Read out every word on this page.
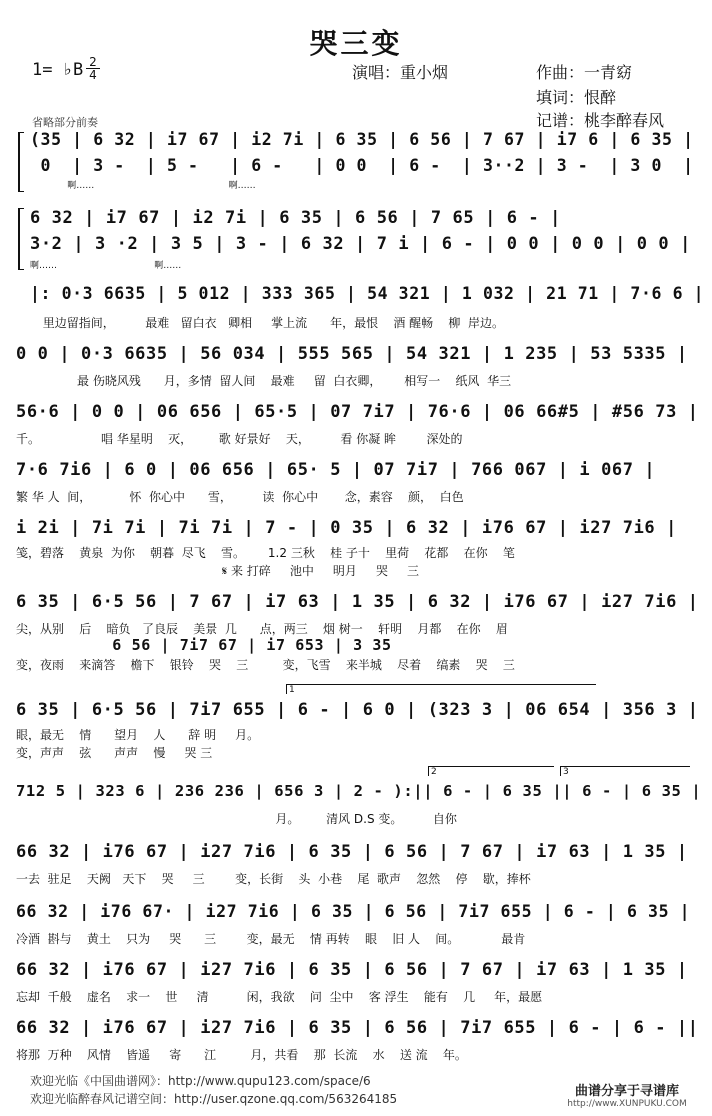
哭三变
1= ♭B 2
4	演唱：重小烟	作曲：一青窈
填词：恨醉
记谱：桃李醉春风
省略部分前奏
(35 | 6 32 | i7 67 | i2 7i | 6 35 | 6 56 | 7 67 | i7 6 | 6 35 |
0  | 3 -  | 5 -   | 6 -   | 0 0  | 6 -  | 3··2 | 3 -  | 3 0  |
啊……                                               啊……
6 32 | i7 67 | i2 7i | 6 35 | 6 56 | 7 65 | 6 - |
3·2 | 3 ·2 | 3 5 | 3 - | 6 32 | 7 i | 6 - | 0 0 | 0 0 | 0 0 |
啊……                                  啊……
|: 0·3 6635 | 5 012 | 333 365 | 54 321 | 1 032 | 21 71 | 7·6 6 |
里边留指间，        最难   留白衣   卿相     掌上流      年，最恨    酒 醒畅    柳  岸边。
0 0 | 0·3 6635 | 56 034 | 555 565 | 54 321 | 1 235 | 53 5335 |
最 伤晓风残      月，多情  留人间    最难     留  白衣卿，      相写一    纸风  华三
56·6 | 0 0 | 06 656 | 65·5 | 07 7i7 | 76·6 | 06 66#5 | #56 73 |
千。                唱 华星明    灭，       歌 好景好    天，        看 你凝 眸        深处的
7·6 7i6 | 6 0 | 06 656 | 65· 5 | 07 7i7 | 766 067 | i 067 |
繁 华 人  间，          怀  你心中      雪，        读  你心中       念，素容    颜，  白色
i 2i | 7i 7i | 7i 7i | 7 - | 0 35 | 6 32 | i76 67 | i27 7i6 |
笺，碧落    黄泉  为你    朝暮  尽飞    雪。      1.2 三秋    桂 子十    里荷    花都    在你    笔
𝄋 来 打碎     池中     明月     哭     三
6 35 | 6·5 56 | 7 67 | i7 63 | 1 35 | 6 32 | i76 67 | i27 7i6 |
尖，从别    后    暗负   了良辰    美景  几      点，两三    烟 树一    轩明    月都    在你    眉
6 56 | 7i7 67 | i7 653 | 3 35
变，夜雨    来滴答    檐下    银铃    哭    三         变，飞雪    来半城    尽着    缟素    哭    三
1
6 35 | 6·5 56 | 7i7 655 | 6 - | 6 0 | (323 3 | 06 654 | 356 3 |
眼，最无    情      望月    人      辞 明     月。
变，声声    弦      声声    慢     哭 三
2	3
712 5 | 323 6 | 236 236 | 656 3 | 2 - ):|| 6 - | 6 35 || 6 - | 6 35 |
月。       清风 D.S 变。        自你
66 32 | i76 67 | i27 7i6 | 6 35 | 6 56 | 7 67 | i7 63 | 1 35 |
一去  驻足    天阙   天下    哭     三        变，长街    头  小巷    尾  歌声    忽然    停    歇，捧杯
66 32 | i76 67· | i27 7i6 | 6 35 | 6 56 | 7i7 655 | 6 - | 6 35 |
冷酒  斟与    黄土    只为     哭      三        变，最无    情 再转    眼    旧 人    间。           最肯
66 32 | i76 67 | i27 7i6 | 6 35 | 6 56 | 7 67 | i7 63 | 1 35 |
忘却  千般    虚名    求一    世     清          闲，我欲    问  尘中    客 浮生    能有    几     年，最愿
66 32 | i76 67 | i27 7i6 | 6 35 | 6 56 | 7i7 655 | 6 - | 6 - ||
将那  万种    风情    皆遥     寄      江         月，共看    那  长流    水    送 流    年。
欢迎光临《中国曲谱网》：http://www.qupu123.com/space/6
欢迎光临醉春风记谱空间：http://user.qzone.qq.com/563264185	曲谱分享于寻谱库
http://www.XUNPUKU.COM
